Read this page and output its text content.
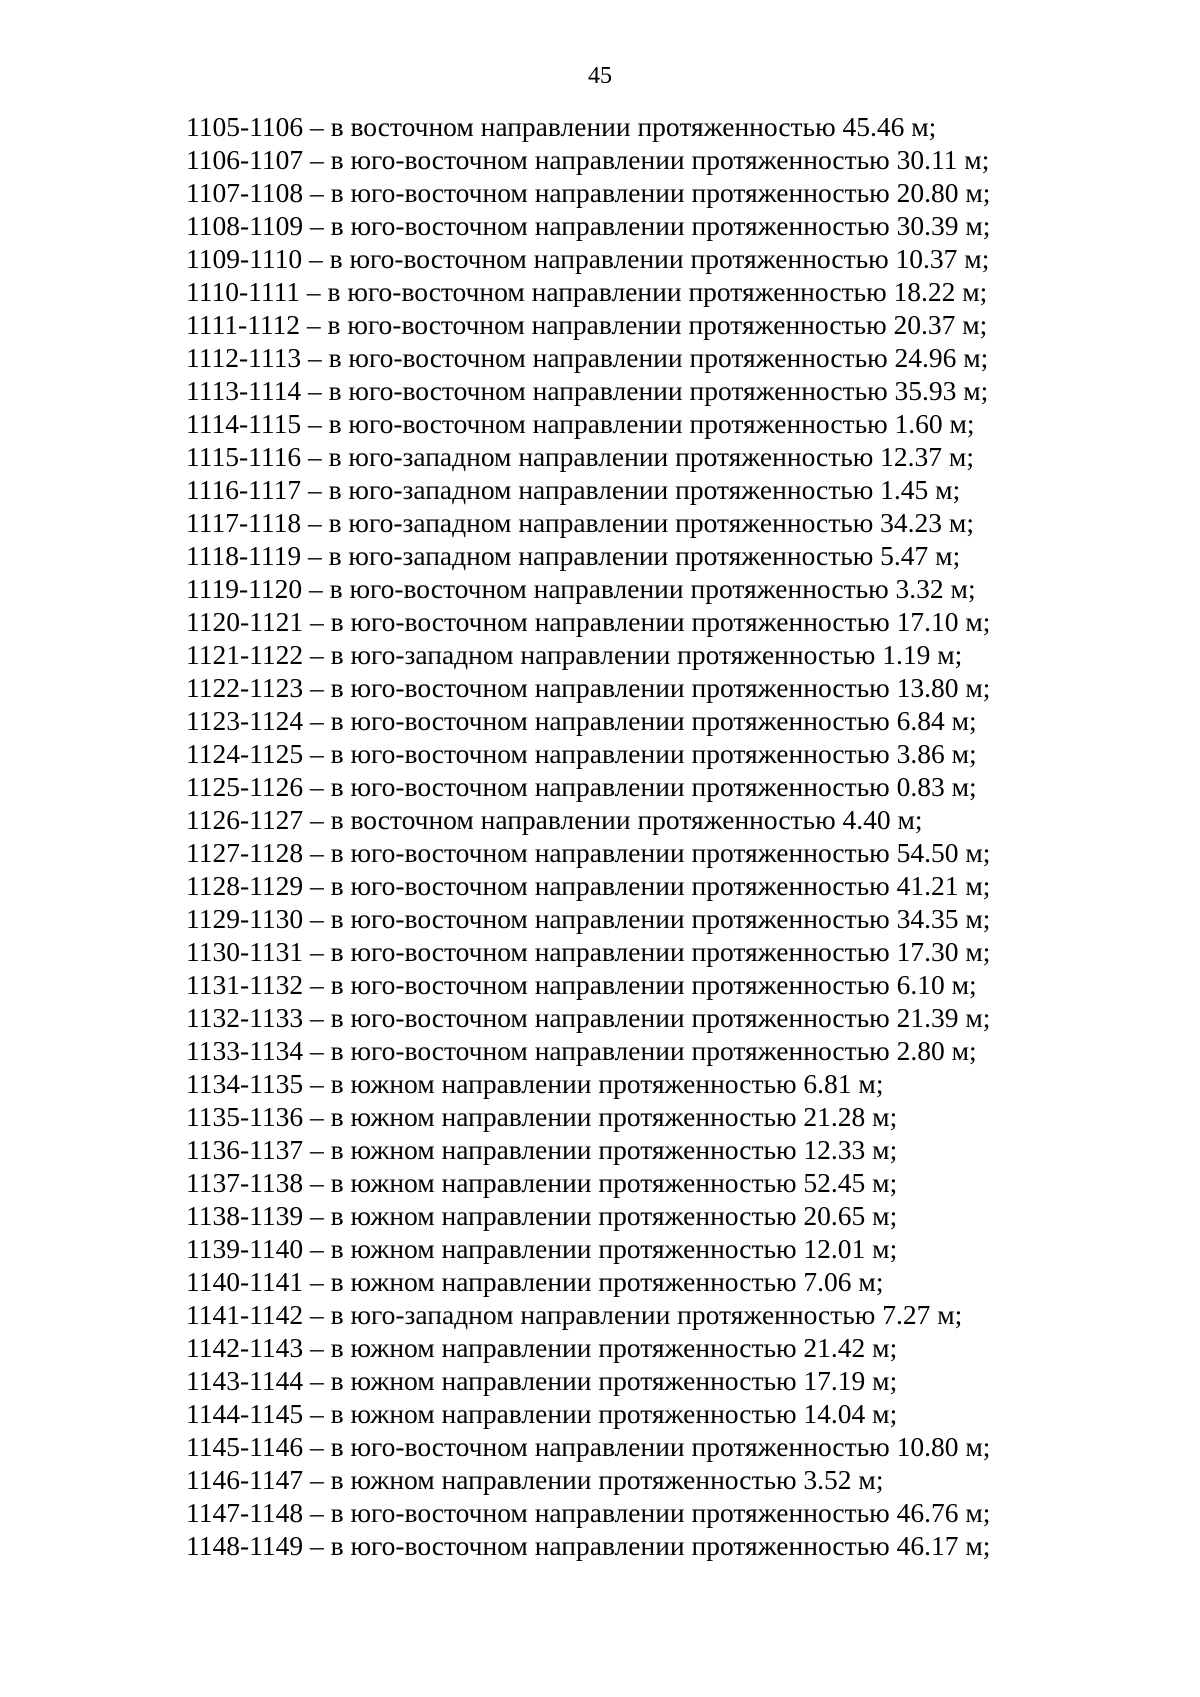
45
1105-1106 – в восточном направлении протяженностью 45.46 м;
1106-1107 – в юго-восточном направлении протяженностью 30.11 м;
1107-1108 – в юго-восточном направлении протяженностью 20.80 м;
1108-1109 – в юго-восточном направлении протяженностью 30.39 м;
1109-1110 – в юго-восточном направлении протяженностью 10.37 м;
1110-1111 – в юго-восточном направлении протяженностью 18.22 м;
1111-1112 – в юго-восточном направлении протяженностью 20.37 м;
1112-1113 – в юго-восточном направлении протяженностью 24.96 м;
1113-1114 – в юго-восточном направлении протяженностью 35.93 м;
1114-1115 – в юго-восточном направлении протяженностью 1.60 м;
1115-1116 – в юго-западном направлении протяженностью 12.37 м;
1116-1117 – в юго-западном направлении протяженностью 1.45 м;
1117-1118 – в юго-западном направлении протяженностью 34.23 м;
1118-1119 – в юго-западном направлении протяженностью 5.47 м;
1119-1120 – в юго-восточном направлении протяженностью 3.32 м;
1120-1121 – в юго-восточном направлении протяженностью 17.10 м;
1121-1122 – в юго-западном направлении протяженностью 1.19 м;
1122-1123 – в юго-восточном направлении протяженностью 13.80 м;
1123-1124 – в юго-восточном направлении протяженностью 6.84 м;
1124-1125 – в юго-восточном направлении протяженностью 3.86 м;
1125-1126 – в юго-восточном направлении протяженностью 0.83 м;
1126-1127 – в восточном направлении протяженностью 4.40 м;
1127-1128 – в юго-восточном направлении протяженностью 54.50 м;
1128-1129 – в юго-восточном направлении протяженностью 41.21 м;
1129-1130 – в юго-восточном направлении протяженностью 34.35 м;
1130-1131 – в юго-восточном направлении протяженностью 17.30 м;
1131-1132 – в юго-восточном направлении протяженностью 6.10 м;
1132-1133 – в юго-восточном направлении протяженностью 21.39 м;
1133-1134 – в юго-восточном направлении протяженностью 2.80 м;
1134-1135 – в южном направлении протяженностью 6.81 м;
1135-1136 – в южном направлении протяженностью 21.28 м;
1136-1137 – в южном направлении протяженностью 12.33 м;
1137-1138 – в южном направлении протяженностью 52.45 м;
1138-1139 – в южном направлении протяженностью 20.65 м;
1139-1140 – в южном направлении протяженностью 12.01 м;
1140-1141 – в южном направлении протяженностью 7.06 м;
1141-1142 – в юго-западном направлении протяженностью 7.27 м;
1142-1143 – в южном направлении протяженностью 21.42 м;
1143-1144 – в южном направлении протяженностью 17.19 м;
1144-1145 – в южном направлении протяженностью 14.04 м;
1145-1146 – в юго-восточном направлении протяженностью 10.80 м;
1146-1147 – в южном направлении протяженностью 3.52 м;
1147-1148 – в юго-восточном направлении протяженностью 46.76 м;
1148-1149 – в юго-восточном направлении протяженностью 46.17 м;
